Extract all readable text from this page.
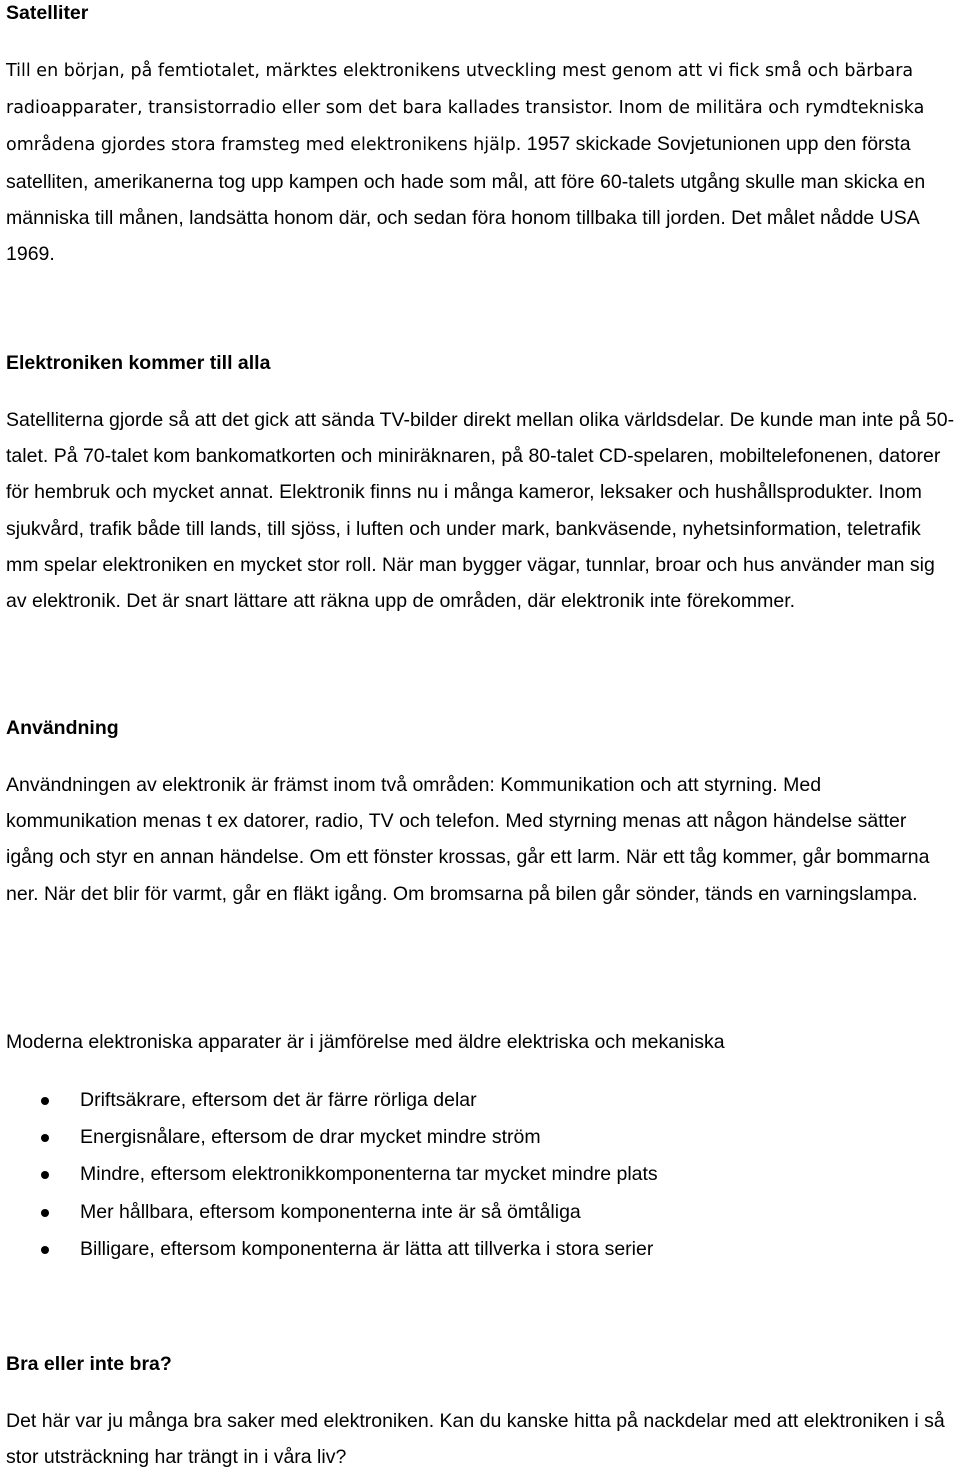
Satelliter

Till en början, på femtiotalet, märktes elektronikens utveckling mest genom att vi fick små och bärbara radioapparater, transistorradio eller som det bara kallades transistor. Inom de militära och rymdtekniska områdena gjordes stora framsteg med elektronikens hjälp. 1957 skickade Sovjetunionen upp den första satelliten, amerikanerna tog upp kampen och hade som mål, att före 60-talets utgång skulle man skicka en människa till månen, landsätta honom där, och sedan föra honom tillbaka till jorden. Det målet nådde USA 1969.

Elektroniken kommer till alla

Satelliterna gjorde så att det gick att sända TV-bilder direkt mellan olika världsdelar. De kunde man inte på 50-talet. På 70-talet kom bankomatkorten och miniräknaren, på 80-talet CD-spelaren, mobiltelefonenen, datorer för hembruk och mycket annat. Elektronik finns nu i många kameror, leksaker och hushållsprodukter. Inom sjukvård, trafik både till lands, till sjöss, i luften och under mark, bankväsende, nyhetsinformation, teletrafik mm spelar elektroniken en mycket stor roll. När man bygger vägar, tunnlar, broar och hus använder man sig av elektronik. Det är snart lättare att räkna upp de områden, där elektronik inte förekommer.

Användning

Användningen av elektronik är främst inom två områden: Kommunikation och att styrning. Med kommunikation menas t ex datorer, radio, TV och telefon. Med styrning menas att någon händelse sätter igång och styr en annan händelse. Om ett fönster krossas, går ett larm. När ett tåg kommer, går bommarna ner. När det blir för varmt, går en fläkt igång. Om bromsarna på bilen går sönder, tänds en varningslampa.

Moderna elektroniska apparater är i jämförelse med äldre elektriska och mekaniska

Driftsäkrare, eftersom det är färre rörliga delar
Energisnålare, eftersom de drar mycket mindre ström
Mindre, eftersom elektronikkomponenterna tar mycket mindre plats
Mer hållbara, eftersom komponenterna inte är så ömtåliga
Billigare, eftersom komponenterna är lätta att tillverka i stora serier
Bra eller inte bra?

Det här var ju många bra saker med elektroniken. Kan du kanske hitta på nackdelar med att elektroniken i så stor utsträckning har trängt in i våra liv?
